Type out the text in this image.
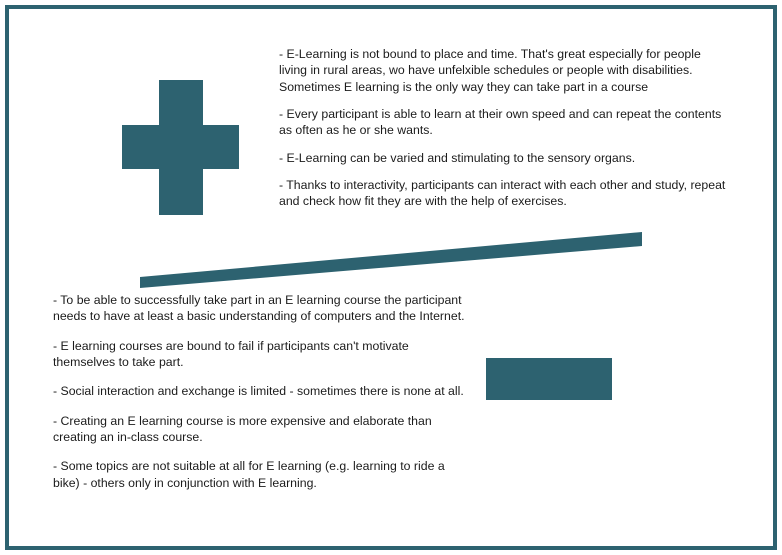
- E-Learning is not bound to place and time. That's great especially for people living in rural areas, wo have unfelxible schedules or people with disabilities. Sometimes E learning is the only way they can take part in a course
- Every participant is able to learn at their own speed and can repeat the contents as often as he or she wants.
- E-Learning can be varied and stimulating to the sensory organs.
- Thanks to interactivity, participants can interact with each other and study, repeat and check how fit they are with the help of exercises.
- To be able to successfully take part in an E learning course the participant needs to have at least a basic understanding of computers and the Internet.
- E learning courses are bound to fail if participants can't motivate themselves to take part.
- Social interaction and exchange is limited - sometimes there is none at all.
- Creating an E learning course is more expensive and elaborate than creating an in-class course.
- Some topics are not suitable at all for E learning (e.g. learning to ride a bike) - others only in conjunction with E learning.
